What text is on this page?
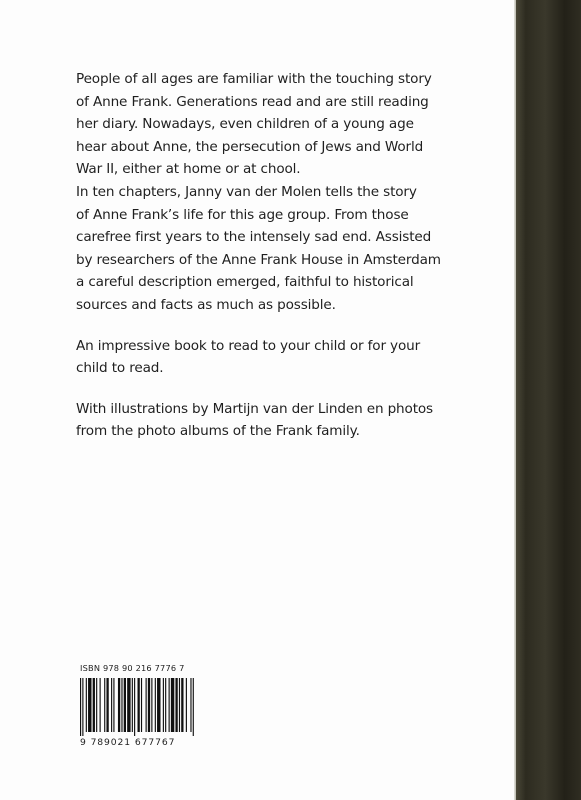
People of all ages are familiar with the touching story
of Anne Frank. Generations read and are still reading
her diary. Nowadays, even children of a young age
hear about Anne, the persecution of Jews and World
War II, either at home or at chool.
In ten chapters, Janny van der Molen tells the story
of Anne Frank’s life for this age group. From those
carefree first years to the intensely sad end. Assisted
by researchers of the Anne Frank House in Amsterdam
a careful description emerged, faithful to historical
sources and facts as much as possible.

An impressive book to read to your child or for your
child to read.

With illustrations by Martijn van der Linden en photos
from the photo albums of the Frank family.

ISBN 978 90 216 7776 7
9 789021 677767
